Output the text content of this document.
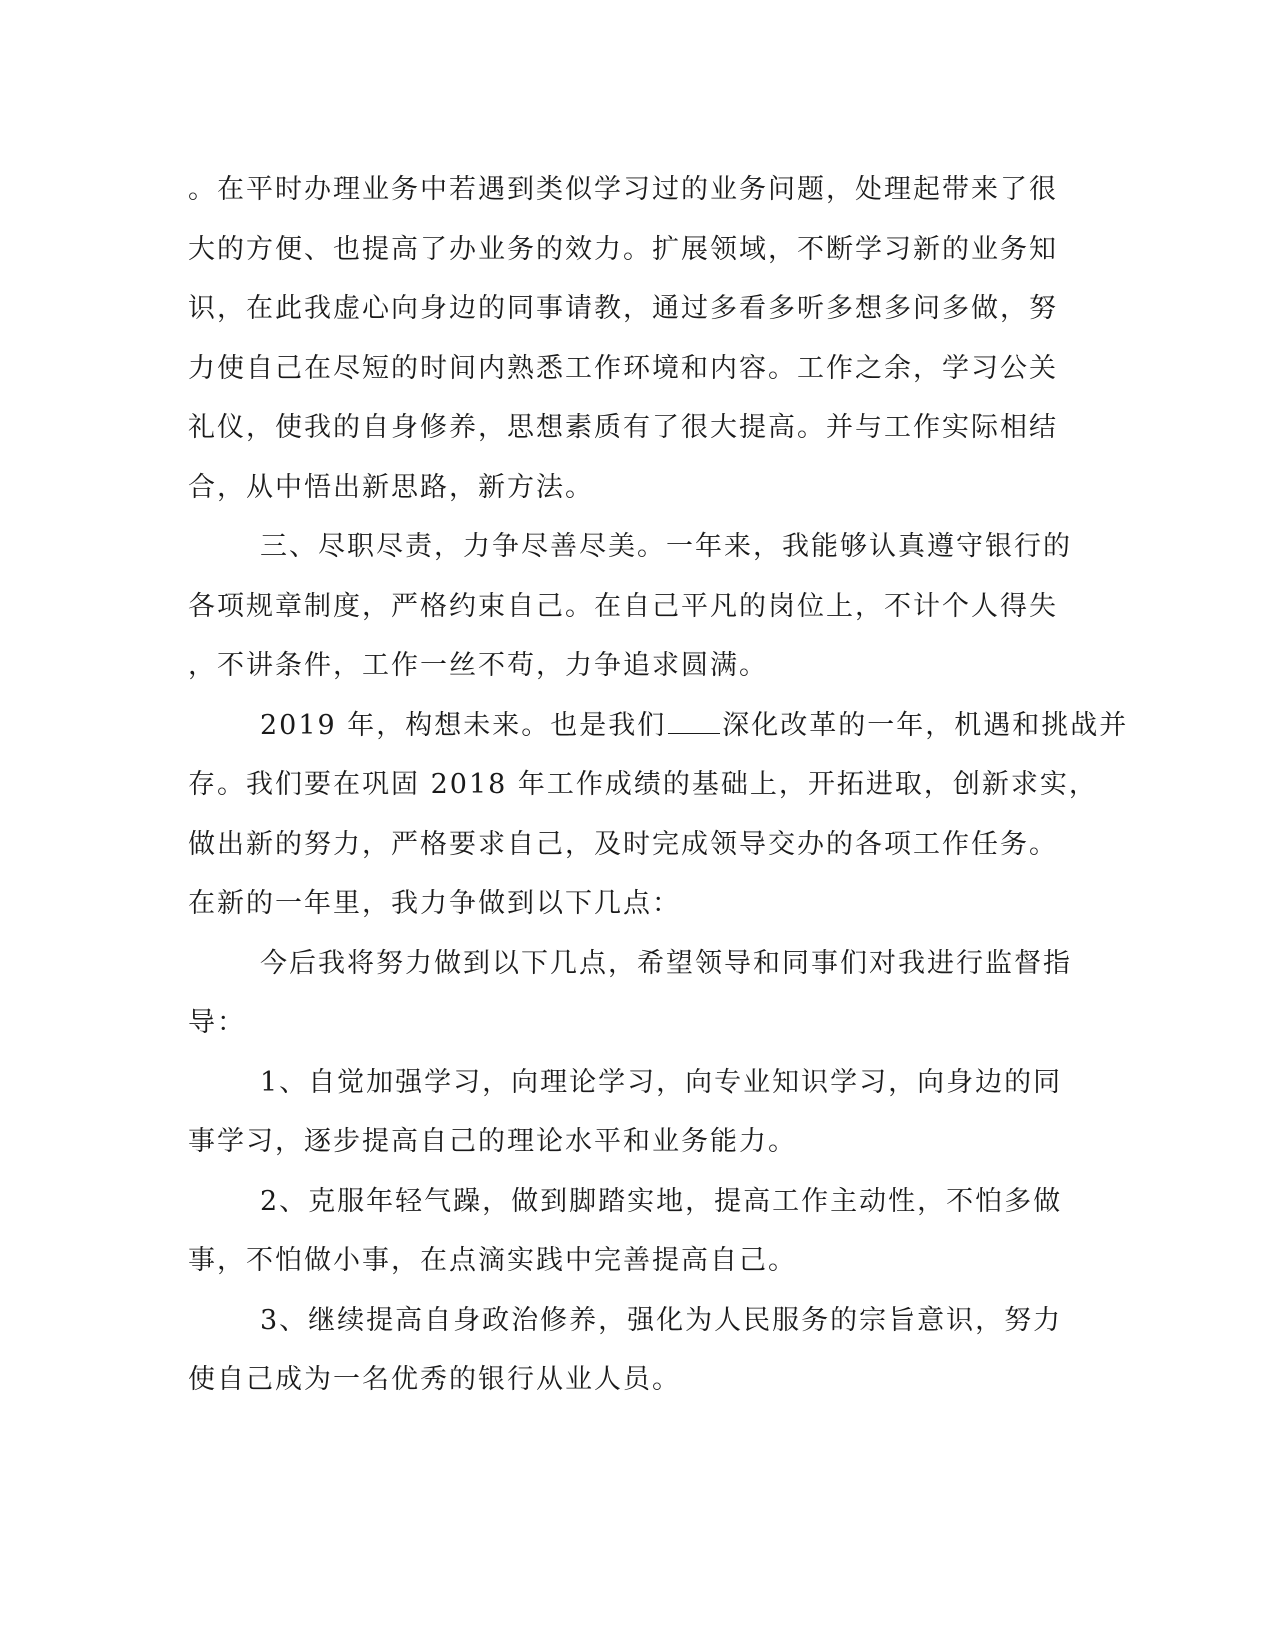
。在平时办理业务中若遇到类似学习过的业务问题，处理起带来了很
大的方便、也提高了办业务的效力。扩展领域，不断学习新的业务知
识，在此我虚心向身边的同事请教，通过多看多听多想多问多做，努
力使自己在尽短的时间内熟悉工作环境和内容。工作之余，学习公关
礼仪，使我的自身修养，思想素质有了很大提高。并与工作实际相结
合，从中悟出新思路，新方法。
三、尽职尽责，力争尽善尽美。一年来，我能够认真遵守银行的
各项规章制度，严格约束自己。在自己平凡的岗位上，不计个人得失
，不讲条件，工作一丝不苟，力争追求圆满。
2019 年，构想未来。也是我们 深化改革的一年，机遇和挑战并
存。我们要在巩固 2018 年工作成绩的基础上，开拓进取，创新求实，
做出新的努力，严格要求自己，及时完成领导交办的各项工作任务。
在新的一年里，我力争做到以下几点：
今后我将努力做到以下几点，希望领导和同事们对我进行监督指
导：
1、自觉加强学习，向理论学习，向专业知识学习，向身边的同
事学习，逐步提高自己的理论水平和业务能力。
2、克服年轻气躁，做到脚踏实地，提高工作主动性，不怕多做
事，不怕做小事，在点滴实践中完善提高自己。
3、继续提高自身政治修养，强化为人民服务的宗旨意识，努力
使自己成为一名优秀的银行从业人员。
